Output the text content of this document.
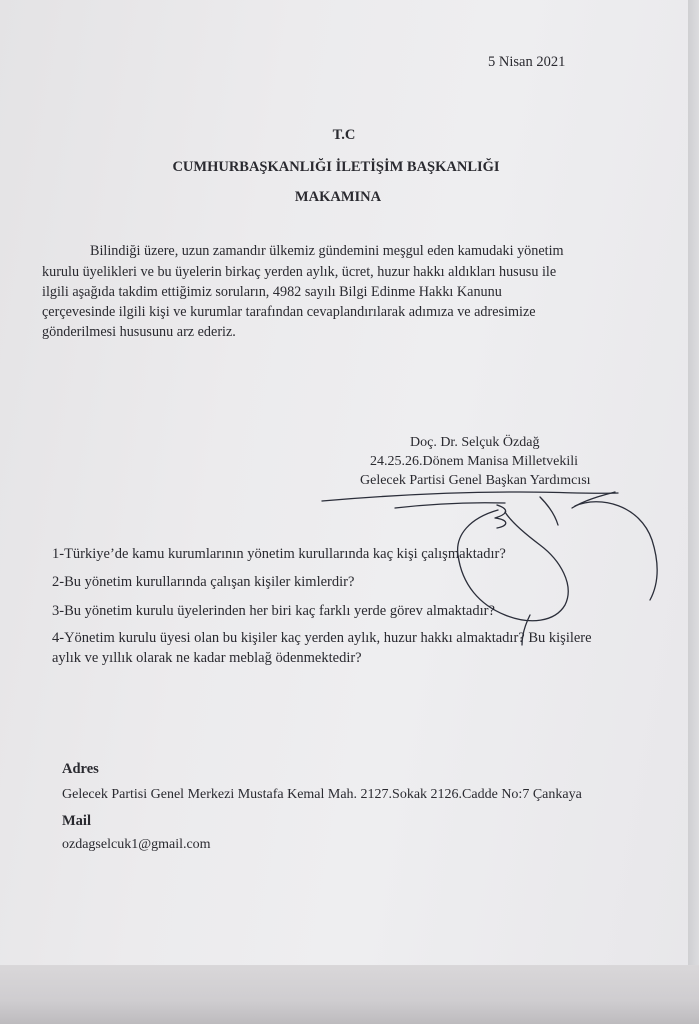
5 Nisan 2021
T.C
CUMHURBAŞKANLIĞI İLETİŞİM BAŞKANLIĞI
MAKAMINA
Bilindiği üzere, uzun zamandır ülkemiz gündemini meşgul eden kamudaki yönetim
kurulu üyelikleri ve bu üyelerin birkaç yerden aylık, ücret, huzur hakkı aldıkları hususu ile
ilgili aşağıda takdim ettiğimiz soruların, 4982 sayılı Bilgi Edinme Hakkı Kanunu
çerçevesinde ilgili kişi ve kurumlar tarafından cevaplandırılarak adımıza ve adresimize
gönderilmesi hususunu arz ederiz.
Doç. Dr. Selçuk Özdağ
24.25.26.Dönem Manisa Milletvekili
Gelecek Partisi Genel Başkan Yardımcısı
1-Türkiye’de kamu kurumlarının yönetim kurullarında kaç kişi çalışmaktadır?
2-Bu yönetim kurullarında çalışan kişiler kimlerdir?
3-Bu yönetim kurulu üyelerinden her biri kaç farklı yerde görev almaktadır?
4-Yönetim kurulu üyesi olan bu kişiler kaç yerden aylık, huzur hakkı almaktadır? Bu kişilere
aylık ve yıllık olarak ne kadar meblağ ödenmektedir?
Adres
Gelecek Partisi Genel Merkezi Mustafa Kemal Mah. 2127.Sokak 2126.Cadde No:7 Çankaya
Mail
ozdagselcuk1@gmail.com
